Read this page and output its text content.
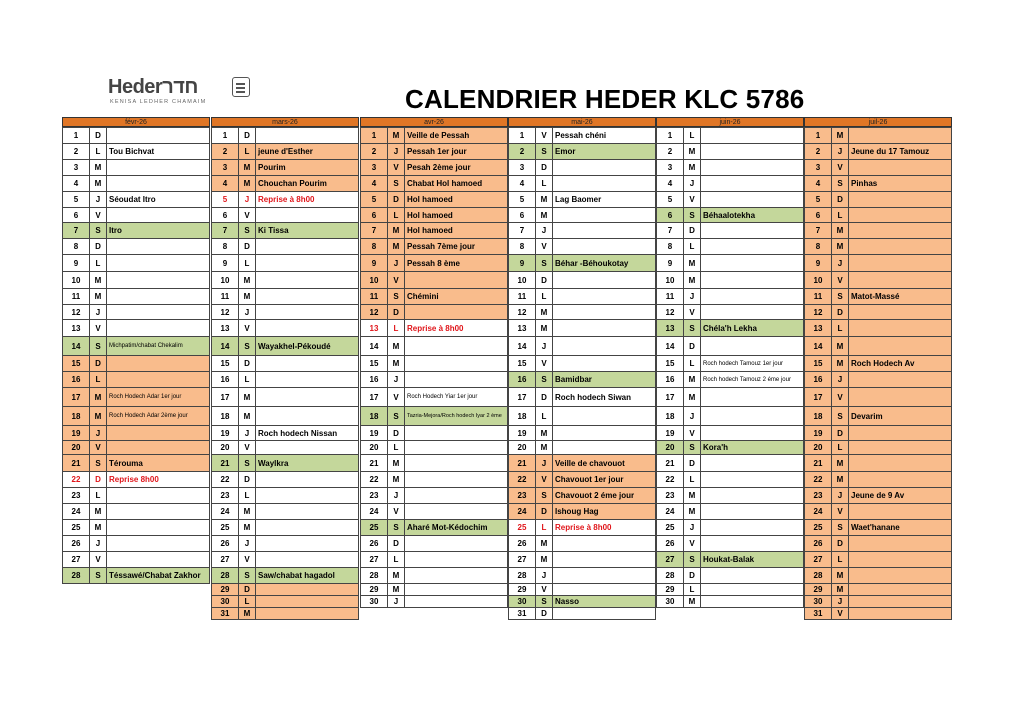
Hederחדר
KENISA LEDHER CHAMAIM	CALENDRIER HEDER KLC 5786
févr-26
1	D
2	L	Tou Bichvat
3	M
4	M
5	J	Séoudat Itro
6	V
7	S	Itro
8	D
9	L
10	M
11	M
12	J
13	V
14	S	Michpatim/chabat Chekalim
15	D
16	L
17	M	Roch Hodech Adar 1er jour
18	M	Roch Hodech Adar 2ème jour
19	J
20	V
21	S	Térouma
22	D	Reprise 8h00
23	L
24	M
25	M
26	J
27	V
28	S	Téssawé/Chabat Zakhor
mars-26
1	D
2	L	jeune d'Esther
3	M Pourim
4	M Chouchan Pourim
5	J	Reprise à 8h00
6	V
7	S	Ki Tissa
8	D
9	L
10	M
11	M
12	J
13	V
14	S	Wayakhel-Pékoudé
15	D
16	L
17	M
18	M
19	J	Roch hodech Nissan
20	V
21	S	Waylkra
22	D
23	L
24	M
25	M
26	J
27	V
28	S	Saw/chabat hagadol
29	D
30	L
31	M
avr-26
1	M Veille de Pessah
2	J	Pessah 1er jour
3	V	Pesah 2ème jour
4	S	Chabat Hol hamoed
5	D	Hol hamoed
6	L	Hol hamoed
7	M Hol hamoed
8	M Pessah 7ème jour
9	J	Pessah 8 ème
10	V
11	S	Chémini
12	D
13	L	Reprise à 8h00
14	M
15	M
16	J
17	V	Roch Hodech Yiar 1er jour
18	S	Tazria-Mejora/Roch hodech Iyar 2 ème
19	D
20	L
21	M
22	M
23	J
24	V
25	S	Aharé Mot-Kédochim
26	D
27	L
28	M
29	M
30	J
mai-26
1	V	Pessah chéni
2	S	Emor
3	D
4	L
5	M Lag Baomer
6	M
7	J
8	V
9	S	Béhar -Béhoukotay
10	D
11	L
12	M
13	M
14	J
15	V
16	S	Bamidbar
17	D	Roch hodech Siwan
18	L
19	M
20	M
21	J	Veille de chavouot
22	V	Chavouot 1er jour
23	S	Chavouot 2 éme jour
24	D	Ishoug Hag
25	L	Reprise à 8h00
26	M
27	M
28	J
29	V
30	S	Nasso
31	D
juin-26
1	L
2	M
3	M
4	J
5	V
6	S	Béhaalotekha
7	D
8	L
9	M
10	M
11	J
12	V
13	S	Chéla'h Lekha
14	D
15	L	Roch hodech Tamouz 1er jour
16	M	Roch hodech Tamouz 2 éme jour
17	M
18	J
19	V
20	S	Kora'h
21	D
22	L
23	M
24	M
25	J
26	V
27	S	Houkat-Balak
28	D
29	L
30	M
juil-26
1	M
2	J	Jeune du 17 Tamouz
3	V
4	S	Pinhas
5	D
6	L
7	M
8	M
9	J
10	V
11	S	Matot-Massé
12	D
13	L
14	M
15	M Roch Hodech Av
16	J
17	V
18	S	Devarim
19	D
20	L
21	M
22	M
23	J	Jeune de 9 Av
24	V
25	S	Waet'hanane
26	D
27	L
28	M
29	M
30	J
31	V
